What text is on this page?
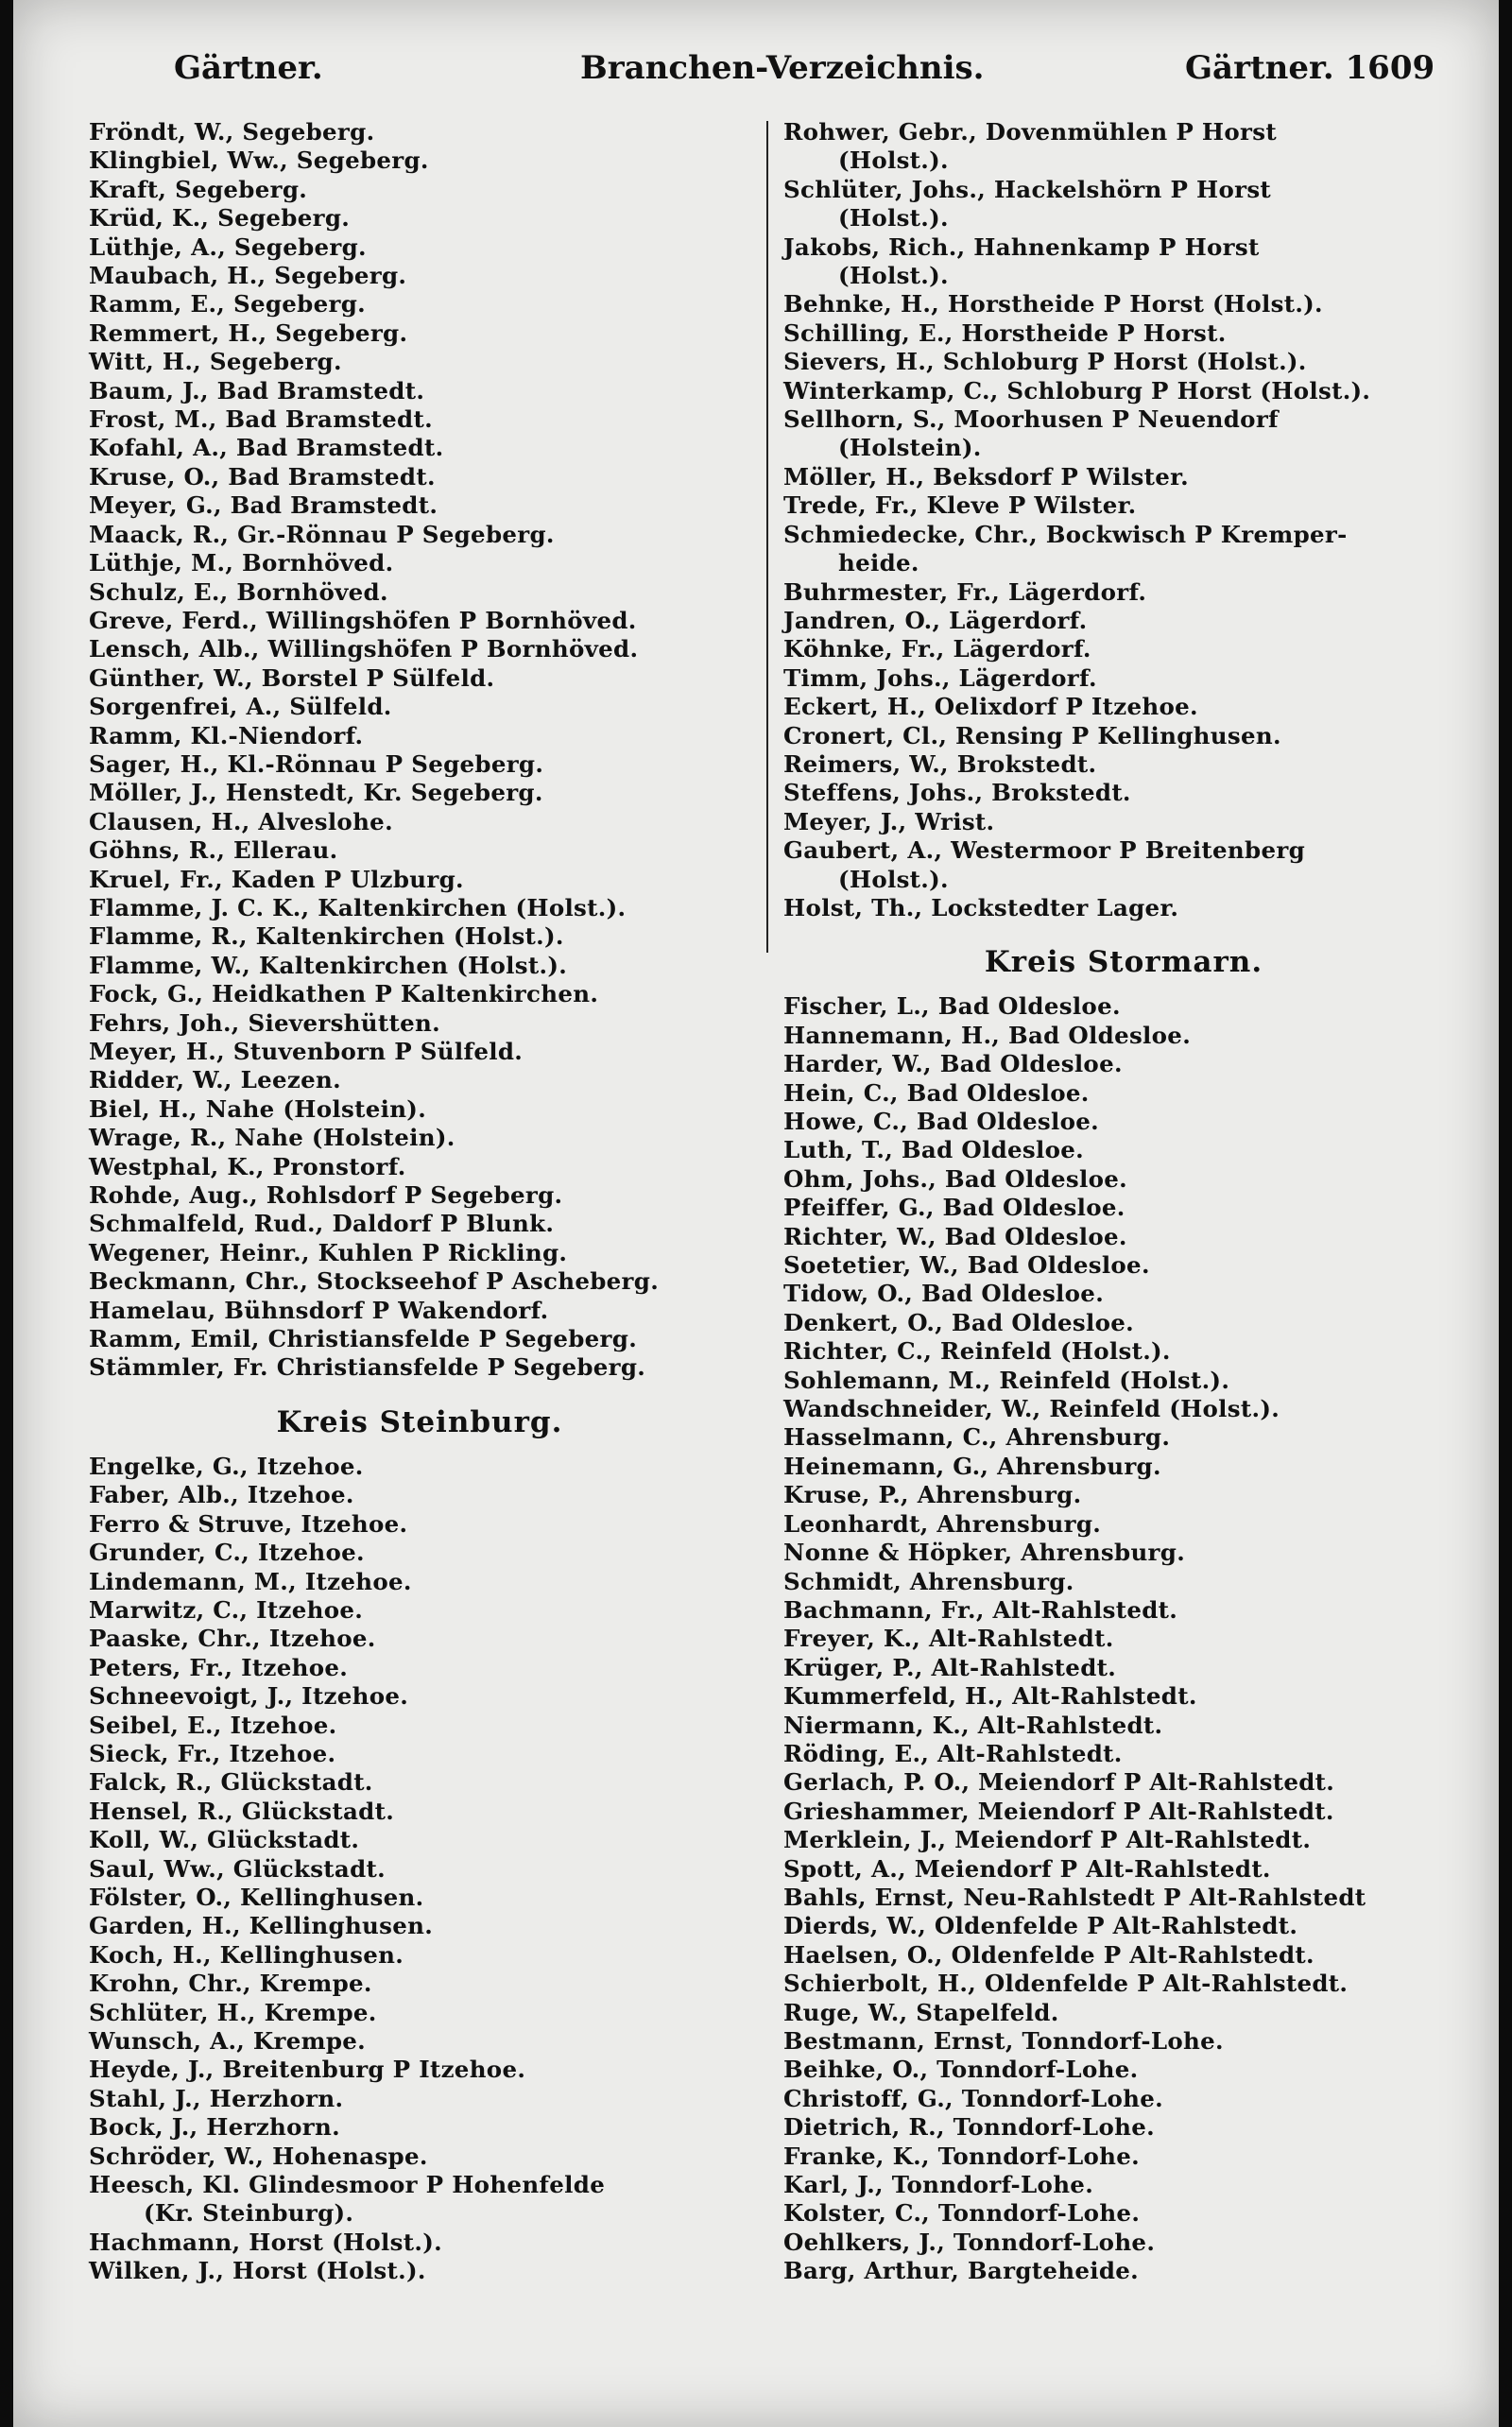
Gärtner.	Branchen-Verzeichnis.	Gärtner. 1609
Fröndt, W., Segeberg.
Klingbiel, Ww., Segeberg.
Kraft, Segeberg.
Krüd, K., Segeberg.
Lüthje, A., Segeberg.
Maubach, H., Segeberg.
Ramm, E., Segeberg.
Remmert, H., Segeberg.
Witt, H., Segeberg.
Baum, J., Bad Bramstedt.
Frost, M., Bad Bramstedt.
Kofahl, A., Bad Bramstedt.
Kruse, O., Bad Bramstedt.
Meyer, G., Bad Bramstedt.
Maack, R., Gr.-Rönnau P Segeberg.
Lüthje, M., Bornhöved.
Schulz, E., Bornhöved.
Greve, Ferd., Willingshöfen P Bornhöved.
Lensch, Alb., Willingshöfen P Bornhöved.
Günther, W., Borstel P Sülfeld.
Sorgenfrei, A., Sülfeld.
Ramm, Kl.-Niendorf.
Sager, H., Kl.-Rönnau P Segeberg.
Möller, J., Henstedt, Kr. Segeberg.
Clausen, H., Alveslohe.
Göhns, R., Ellerau.
Kruel, Fr., Kaden P Ulzburg.
Flamme, J. C. K., Kaltenkirchen (Holst.).
Flamme, R., Kaltenkirchen (Holst.).
Flamme, W., Kaltenkirchen (Holst.).
Fock, G., Heidkathen P Kaltenkirchen.
Fehrs, Joh., Sievershütten.
Meyer, H., Stuvenborn P Sülfeld.
Ridder, W., Leezen.
Biel, H., Nahe (Holstein).
Wrage, R., Nahe (Holstein).
Westphal, K., Pronstorf.
Rohde, Aug., Rohlsdorf P Segeberg.
Schmalfeld, Rud., Daldorf P Blunk.
Wegener, Heinr., Kuhlen P Rickling.
Beckmann, Chr., Stockseehof P Ascheberg.
Hamelau, Bühnsdorf P Wakendorf.
Ramm, Emil, Christiansfelde P Segeberg.
Stämmler, Fr. Christiansfelde P Segeberg.
Kreis Steinburg.
Engelke, G., Itzehoe.
Faber, Alb., Itzehoe.
Ferro & Struve, Itzehoe.
Grunder, C., Itzehoe.
Lindemann, M., Itzehoe.
Marwitz, C., Itzehoe.
Paaske, Chr., Itzehoe.
Peters, Fr., Itzehoe.
Schneevoigt, J., Itzehoe.
Seibel, E., Itzehoe.
Sieck, Fr., Itzehoe.
Falck, R., Glückstadt.
Hensel, R., Glückstadt.
Koll, W., Glückstadt.
Saul, Ww., Glückstadt.
Fölster, O., Kellinghusen.
Garden, H., Kellinghusen.
Koch, H., Kellinghusen.
Krohn, Chr., Krempe.
Schlüter, H., Krempe.
Wunsch, A., Krempe.
Heyde, J., Breitenburg P Itzehoe.
Stahl, J., Herzhorn.
Bock, J., Herzhorn.
Schröder, W., Hohenaspe.
Heesch, Kl. Glindesmoor P Hohenfelde
(Kr. Steinburg).
Hachmann, Horst (Holst.).
Wilken, J., Horst (Holst.).
Rohwer, Gebr., Dovenmühlen P Horst
(Holst.).
Schlüter, Johs., Hackelshörn P Horst
(Holst.).
Jakobs, Rich., Hahnenkamp P Horst
(Holst.).
Behnke, H., Horstheide P Horst (Holst.).
Schilling, E., Horstheide P Horst.
Sievers, H., Schloburg P Horst (Holst.).
Winterkamp, C., Schloburg P Horst (Holst.).
Sellhorn, S., Moorhusen P Neuendorf
(Holstein).
Möller, H., Beksdorf P Wilster.
Trede, Fr., Kleve P Wilster.
Schmiedecke, Chr., Bockwisch P Kremper-
heide.
Buhrmester, Fr., Lägerdorf.
Jandren, O., Lägerdorf.
Köhnke, Fr., Lägerdorf.
Timm, Johs., Lägerdorf.
Eckert, H., Oelixdorf P Itzehoe.
Cronert, Cl., Rensing P Kellinghusen.
Reimers, W., Brokstedt.
Steffens, Johs., Brokstedt.
Meyer, J., Wrist.
Gaubert, A., Westermoor P Breitenberg
(Holst.).
Holst, Th., Lockstedter Lager.
Kreis Stormarn.
Fischer, L., Bad Oldesloe.
Hannemann, H., Bad Oldesloe.
Harder, W., Bad Oldesloe.
Hein, C., Bad Oldesloe.
Howe, C., Bad Oldesloe.
Luth, T., Bad Oldesloe.
Ohm, Johs., Bad Oldesloe.
Pfeiffer, G., Bad Oldesloe.
Richter, W., Bad Oldesloe.
Soetetier, W., Bad Oldesloe.
Tidow, O., Bad Oldesloe.
Denkert, O., Bad Oldesloe.
Richter, C., Reinfeld (Holst.).
Sohlemann, M., Reinfeld (Holst.).
Wandschneider, W., Reinfeld (Holst.).
Hasselmann, C., Ahrensburg.
Heinemann, G., Ahrensburg.
Kruse, P., Ahrensburg.
Leonhardt, Ahrensburg.
Nonne & Höpker, Ahrensburg.
Schmidt, Ahrensburg.
Bachmann, Fr., Alt-Rahlstedt.
Freyer, K., Alt-Rahlstedt.
Krüger, P., Alt-Rahlstedt.
Kummerfeld, H., Alt-Rahlstedt.
Niermann, K., Alt-Rahlstedt.
Röding, E., Alt-Rahlstedt.
Gerlach, P. O., Meiendorf P Alt-Rahlstedt.
Grieshammer, Meiendorf P Alt-Rahlstedt.
Merklein, J., Meiendorf P Alt-Rahlstedt.
Spott, A., Meiendorf P Alt-Rahlstedt.
Bahls, Ernst, Neu-Rahlstedt P Alt-Rahlstedt
Dierds, W., Oldenfelde P Alt-Rahlstedt.
Haelsen, O., Oldenfelde P Alt-Rahlstedt.
Schierbolt, H., Oldenfelde P Alt-Rahlstedt.
Ruge, W., Stapelfeld.
Bestmann, Ernst, Tonndorf-Lohe.
Beihke, O., Tonndorf-Lohe.
Christoff, G., Tonndorf-Lohe.
Dietrich, R., Tonndorf-Lohe.
Franke, K., Tonndorf-Lohe.
Karl, J., Tonndorf-Lohe.
Kolster, C., Tonndorf-Lohe.
Oehlkers, J., Tonndorf-Lohe.
Barg, Arthur, Bargteheide.
